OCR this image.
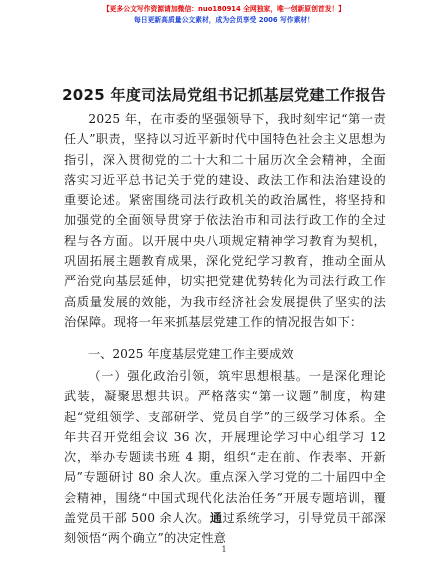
【更多公文写作资源请加微信：nuo180914 全网独家，唯一创新原创首发！】
每日更新高质量公文素材，成为会员享受 2006 写作素材！
2025 年度司法局党组书记抓基层党建工作报告
2025 年，在市委的坚强领导下，我时刻牢记“第一责任人”职责，坚持以习近平新时代中国特色社会主义思想为指引，深入贯彻党的二十大和二十届历次全会精神，全面落实习近平总书记关于党的建设、政法工作和法治建设的重要论述。紧密围绕司法行政机关的政治属性，将坚持和加强党的全面领导贯穿于依法治市和司法行政工作的全过程与各方面。以开展中央八项规定精神学习教育为契机，巩固拓展主题教育成果，深化党纪学习教育，推动全面从严治党向基层延伸，切实把党建优势转化为司法行政工作高质量发展的效能，为我市经济社会发展提供了坚实的法治保障。现将一年来抓基层党建工作的情况报告如下：
一、2025 年度基层党建工作主要成效
（一）强化政治引领，筑牢思想根基。一是深化理论武装，凝聚思想共识。严格落实“第一议题”制度，构建起“党组领学、支部研学、党员自学”的三级学习体系。全年共召开党组会议 36 次，开展理论学习中心组学习 12 次，举办专题读书班 4 期，组织“走在前、作表率、开新局”专题研讨 80 余人次。重点深入学习党的二十届四中全会精神，围绕“中国式现代化法治任务”开展专题培训，覆盖党员干部 500 余人次。通过系统学习，引导党员干部深刻领悟“两个确立”的决定性意
1
